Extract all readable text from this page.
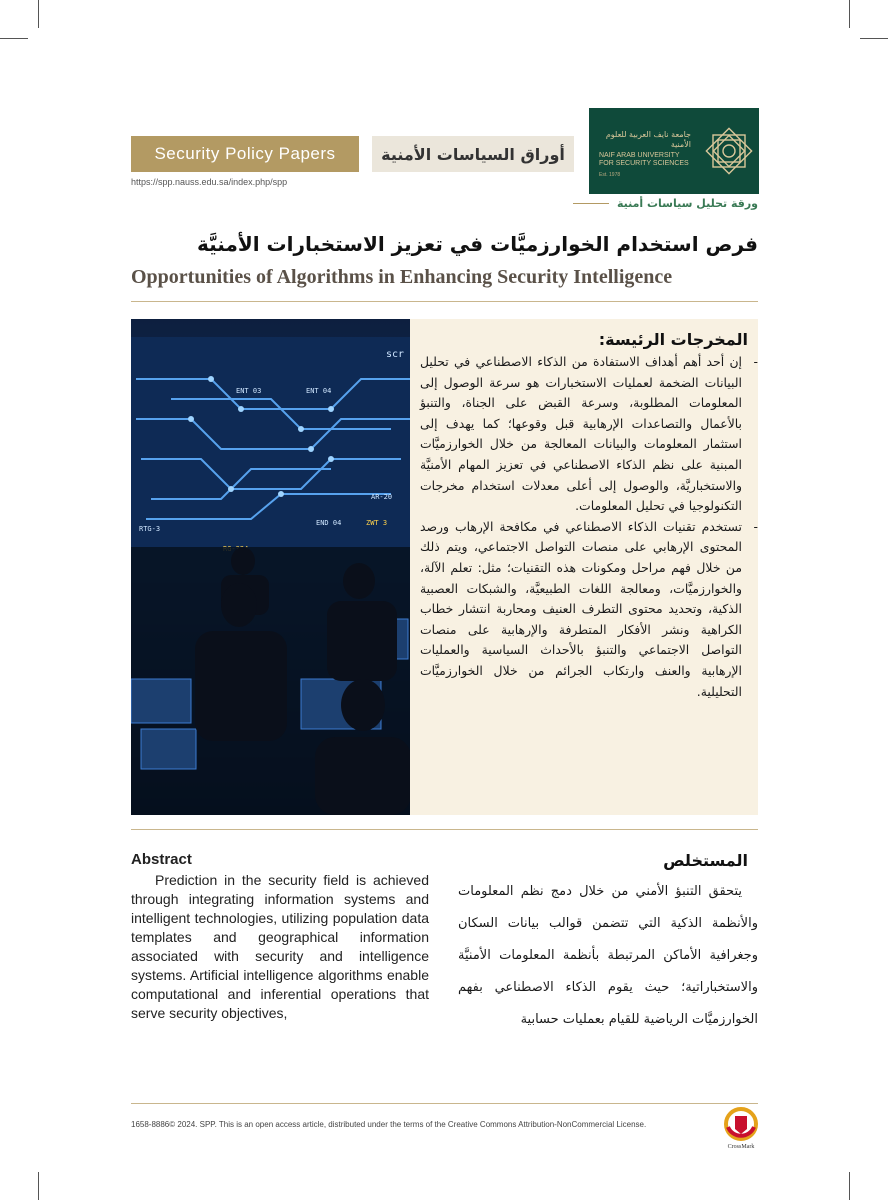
Security Policy Papers	أوراق السياسات الأمنية
جامعة نايف العربية للعلوم الأمنية
NAIF ARAB UNIVERSITY
FOR SECURITY SCIENCES
Est. 1978
https://spp.nauss.edu.sa/index.php/spp
ورقة تحليل سياسات أمنية
فرص استخدام الخوارزميَّات في تعزيز الاستخبارات الأمنيَّة
Opportunities of Algorithms in Enhancing Security Intelligence
scr
ENT 03	ENT 04
RTG-3
END 04	ZWT 3
AR-20
المخرجات الرئيسة:
- إن أحد أهم أهداف الاستفادة من الذكاء الاصطناعي في تحليل البيانات الضخمة لعمليات الاستخبارات هو سرعة الوصول إلى المعلومات المطلوبة، وسرعة القبض على الجناة، والتنبؤ بالأعمال والتصاعدات الإرهابية قبل وقوعها؛ كما يهدف إلى استثمار المعلومات والبيانات المعالجة من خلال الخوارزميَّات المبنية على نظم الذكاء الاصطناعي في تعزيز المهام الأمنيَّة والاستخباريَّة، والوصول إلى أعلى معدلات استخدام مخرجات التكنولوجيا في تحليل المعلومات.
- تستخدم تقنيات الذكاء الاصطناعي في مكافحة الإرهاب ورصد المحتوى الإرهابي على منصات التواصل الاجتماعي، ويتم ذلك من خلال فهم مراحل ومكونات هذه التقنيات؛ مثل: تعلم الآلة، والخوارزميَّات، ومعالجة اللغات الطبيعيَّة، والشبكات العصبية الذكية، وتحديد محتوى التطرف العنيف ومحاربة انتشار خطاب الكراهية ونشر الأفكار المتطرفة والإرهابية على منصات التواصل الاجتماعي والتنبؤ بالأحداث السياسية والعمليات الإرهابية والعنف وارتكاب الجرائم من خلال الخوارزميَّات التحليلية.
Abstract

Prediction in the security field is achieved through integrating information systems and intelligent technologies, utilizing population data templates and geographical information associated with security and intelligence systems. Artificial intelligence algorithms enable computational and inferential operations that serve security objectives,

المستخلص

يتحقق التنبؤ الأمني من خلال دمج نظم المعلومات والأنظمة الذكية التي تتضمن قوالب بيانات السكان وجغرافية الأماكن المرتبطة بأنظمة المعلومات الأمنيَّة والاستخباراتية؛ حيث يقوم الذكاء الاصطناعي بفهم الخوارزميَّات الرياضية للقيام بعمليات حسابية

1658-8886© 2024. SPP. This is an open access article, distributed under the terms of the Creative Commons Attribution-NonCommercial License.
CrossMark
